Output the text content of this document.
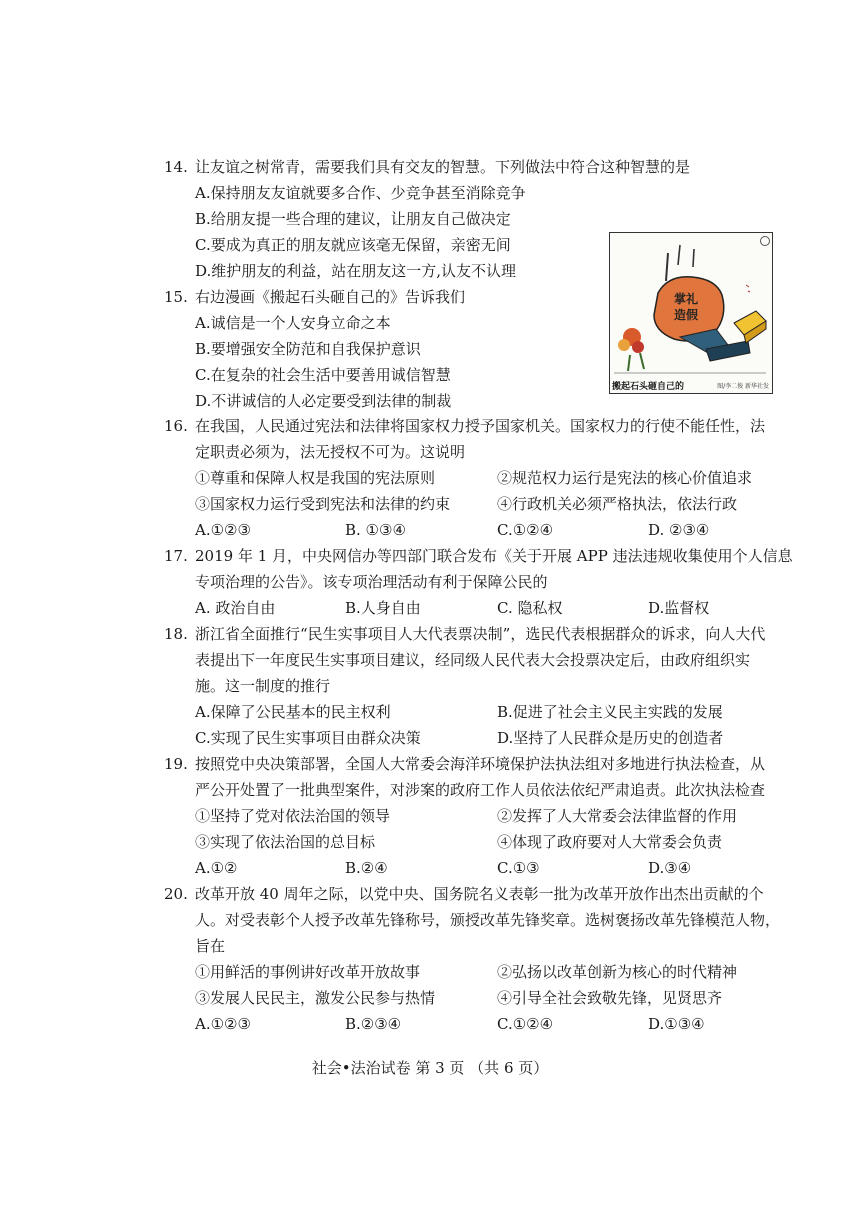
14. 让友谊之树常青，需要我们具有交友的智慧。下列做法中符合这种智慧的是
A.保持朋友友谊就要多合作、少竞争甚至消除竞争
B.给朋友提一些合理的建议，让朋友自己做决定
C.要成为真正的朋友就应该毫无保留，亲密无间
D.维护朋友的利益，站在朋友这一方,认友不认理
15. 右边漫画《搬起石头砸自己的》告诉我们
A.诚信是一个人安身立命之本
B.要增强安全防范和自我保护意识
C.在复杂的社会生活中要善用诚信智慧
D.不讲诚信的人必定要受到法律的制裁
掌礼
造假
搬起石头砸自己的	图/李二俊 新华社发
16. 在我国，人民通过宪法和法律将国家权力授予国家机关。国家权力的行使不能任性，法
定职责必须为，法无授权不可为。这说明
①尊重和保障人权是我国的宪法原则	②规范权力运行是宪法的核心价值追求
③国家权力运行受到宪法和法律的约束	④行政机关必须严格执法，依法行政
A.①②③	B. ①③④	C.①②④	D. ②③④
17. 2019 年 1 月，中央网信办等四部门联合发布《关于开展 APP 违法违规收集使用个人信息
专项治理的公告》。该专项治理活动有利于保障公民的
A. 政治自由	B.人身自由	C. 隐私权	D.监督权
18. 浙江省全面推行“民生实事项目人大代表票决制”，选民代表根据群众的诉求，向人大代
表提出下一年度民生实事项目建议，经同级人民代表大会投票决定后，由政府组织实
施。这一制度的推行
A.保障了公民基本的民主权利	B.促进了社会主义民主实践的发展
C.实现了民生实事项目由群众决策	D.坚持了人民群众是历史的创造者
19. 按照党中央决策部署，全国人大常委会海洋环境保护法执法组对多地进行执法检查，从
严公开处置了一批典型案件，对涉案的政府工作人员依法依纪严肃追责。此次执法检查
①坚持了党对依法治国的领导	②发挥了人大常委会法律监督的作用
③实现了依法治国的总目标	④体现了政府要对人大常委会负责
A.①②	B.②④	C.①③	D.③④
20. 改革开放 40 周年之际，以党中央、国务院名义表彰一批为改革开放作出杰出贡献的个
人。对受表彰个人授予改革先锋称号，颁授改革先锋奖章。选树褒扬改革先锋模范人物，
旨在
①用鲜活的事例讲好改革开放故事	②弘扬以改革创新为核心的时代精神
③发展人民民主，激发公民参与热情	④引导全社会致敬先锋，见贤思齐
A.①②③	B.②③④	C.①②④	D.①③④
社会•法治试卷 第 3 页 （共 6 页）
